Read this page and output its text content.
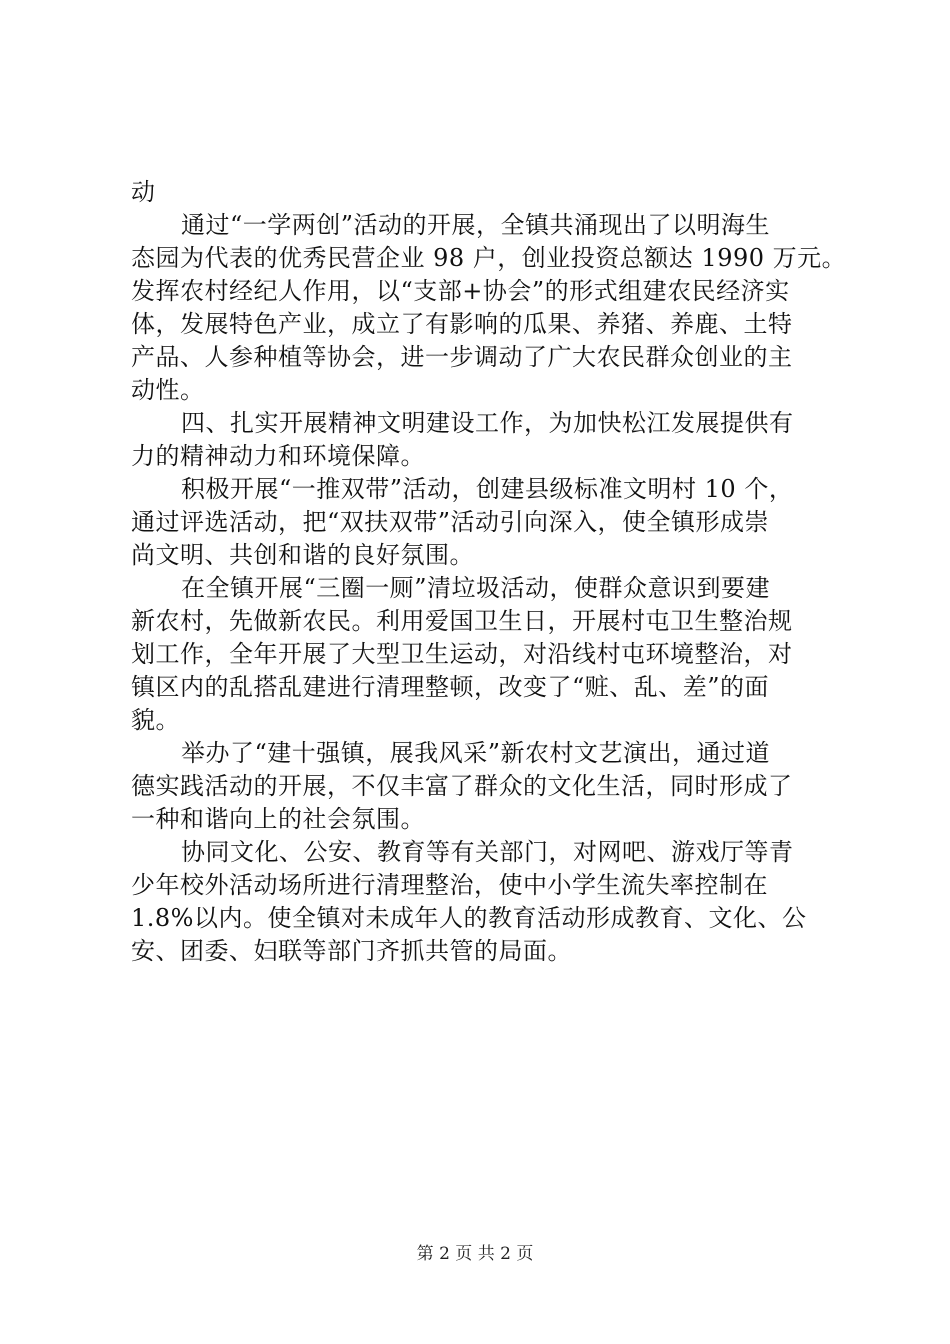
动
通过“一学两创”活动的开展，全镇共涌现出了以明海生
态园为代表的优秀民营企业 98 户，创业投资总额达 1990 万元。
发挥农村经纪人作用，以“支部+协会”的形式组建农民经济实
体，发展特色产业，成立了有影响的瓜果、养猪、养鹿、土特
产品、人参种植等协会，进一步调动了广大农民群众创业的主
动性。
四、扎实开展精神文明建设工作，为加快松江发展提供有
力的精神动力和环境保障。
积极开展“一推双带”活动，创建县级标准文明村 10 个，
通过评选活动，把“双扶双带”活动引向深入，使全镇形成崇
尚文明、共创和谐的良好氛围。
在全镇开展“三圈一厕”清垃圾活动，使群众意识到要建
新农村，先做新农民。利用爱国卫生日，开展村屯卫生整治规
划工作，全年开展了大型卫生运动，对沿线村屯环境整治，对
镇区内的乱搭乱建进行清理整顿，改变了“赃、乱、差”的面
貌。
举办了“建十强镇，展我风采”新农村文艺演出，通过道
德实践活动的开展，不仅丰富了群众的文化生活，同时形成了
一种和谐向上的社会氛围。
协同文化、公安、教育等有关部门，对网吧、游戏厅等青
少年校外活动场所进行清理整治，使中小学生流失率控制在
1.8%以内。使全镇对未成年人的教育活动形成教育、文化、公
安、团委、妇联等部门齐抓共管的局面。
第 2 页 共 2 页
